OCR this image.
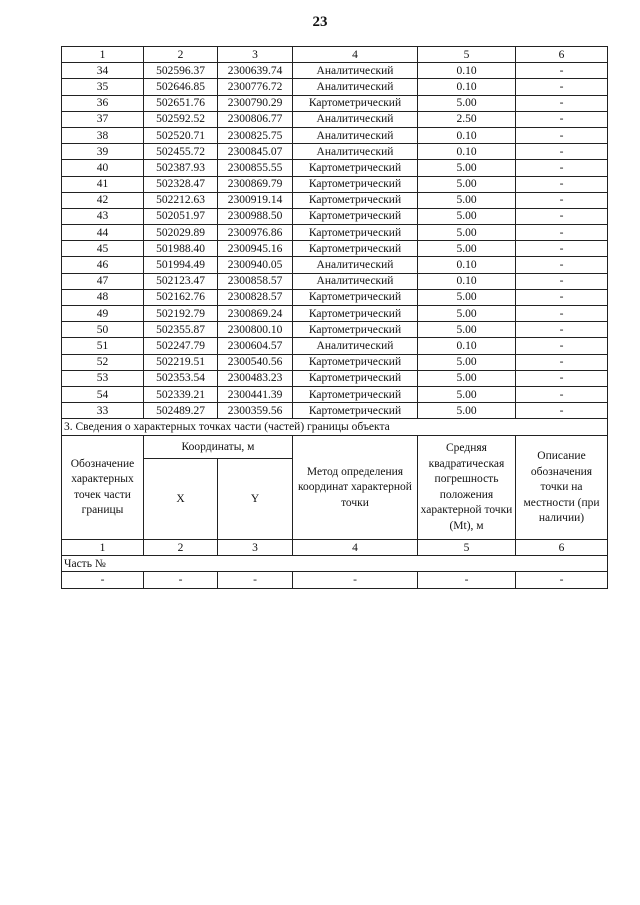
23
1	2	3	4	5	6
34	502596.37	2300639.74	Аналитический	0.10	-
35	502646.85	2300776.72	Аналитический	0.10	-
36	502651.76	2300790.29	Картометрический	5.00	-
37	502592.52	2300806.77	Аналитический	2.50	-
38	502520.71	2300825.75	Аналитический	0.10	-
39	502455.72	2300845.07	Аналитический	0.10	-
40	502387.93	2300855.55	Картометрический	5.00	-
41	502328.47	2300869.79	Картометрический	5.00	-
42	502212.63	2300919.14	Картометрический	5.00	-
43	502051.97	2300988.50	Картометрический	5.00	-
44	502029.89	2300976.86	Картометрический	5.00	-
45	501988.40	2300945.16	Картометрический	5.00	-
46	501994.49	2300940.05	Аналитический	0.10	-
47	502123.47	2300858.57	Аналитический	0.10	-
48	502162.76	2300828.57	Картометрический	5.00	-
49	502192.79	2300869.24	Картометрический	5.00	-
50	502355.87	2300800.10	Картометрический	5.00	-
51	502247.79	2300604.57	Аналитический	0.10	-
52	502219.51	2300540.56	Картометрический	5.00	-
53	502353.54	2300483.23	Картометрический	5.00	-
54	502339.21	2300441.39	Картометрический	5.00	-
33	502489.27	2300359.56	Картометрический	5.00	-
3. Сведения о характерных точках части (частей) границы объекта					
Обозначение характерных точек части границы	Координаты, м		Метод определения координат характерной точки	Средняя квадратическая погрешность положения характерной точки (Mt), м	Описание обозначения точки на местности (при наличии)
	X	Y			
1	2	3	4	5	6
Часть №					
-	-	-	-	-	-
